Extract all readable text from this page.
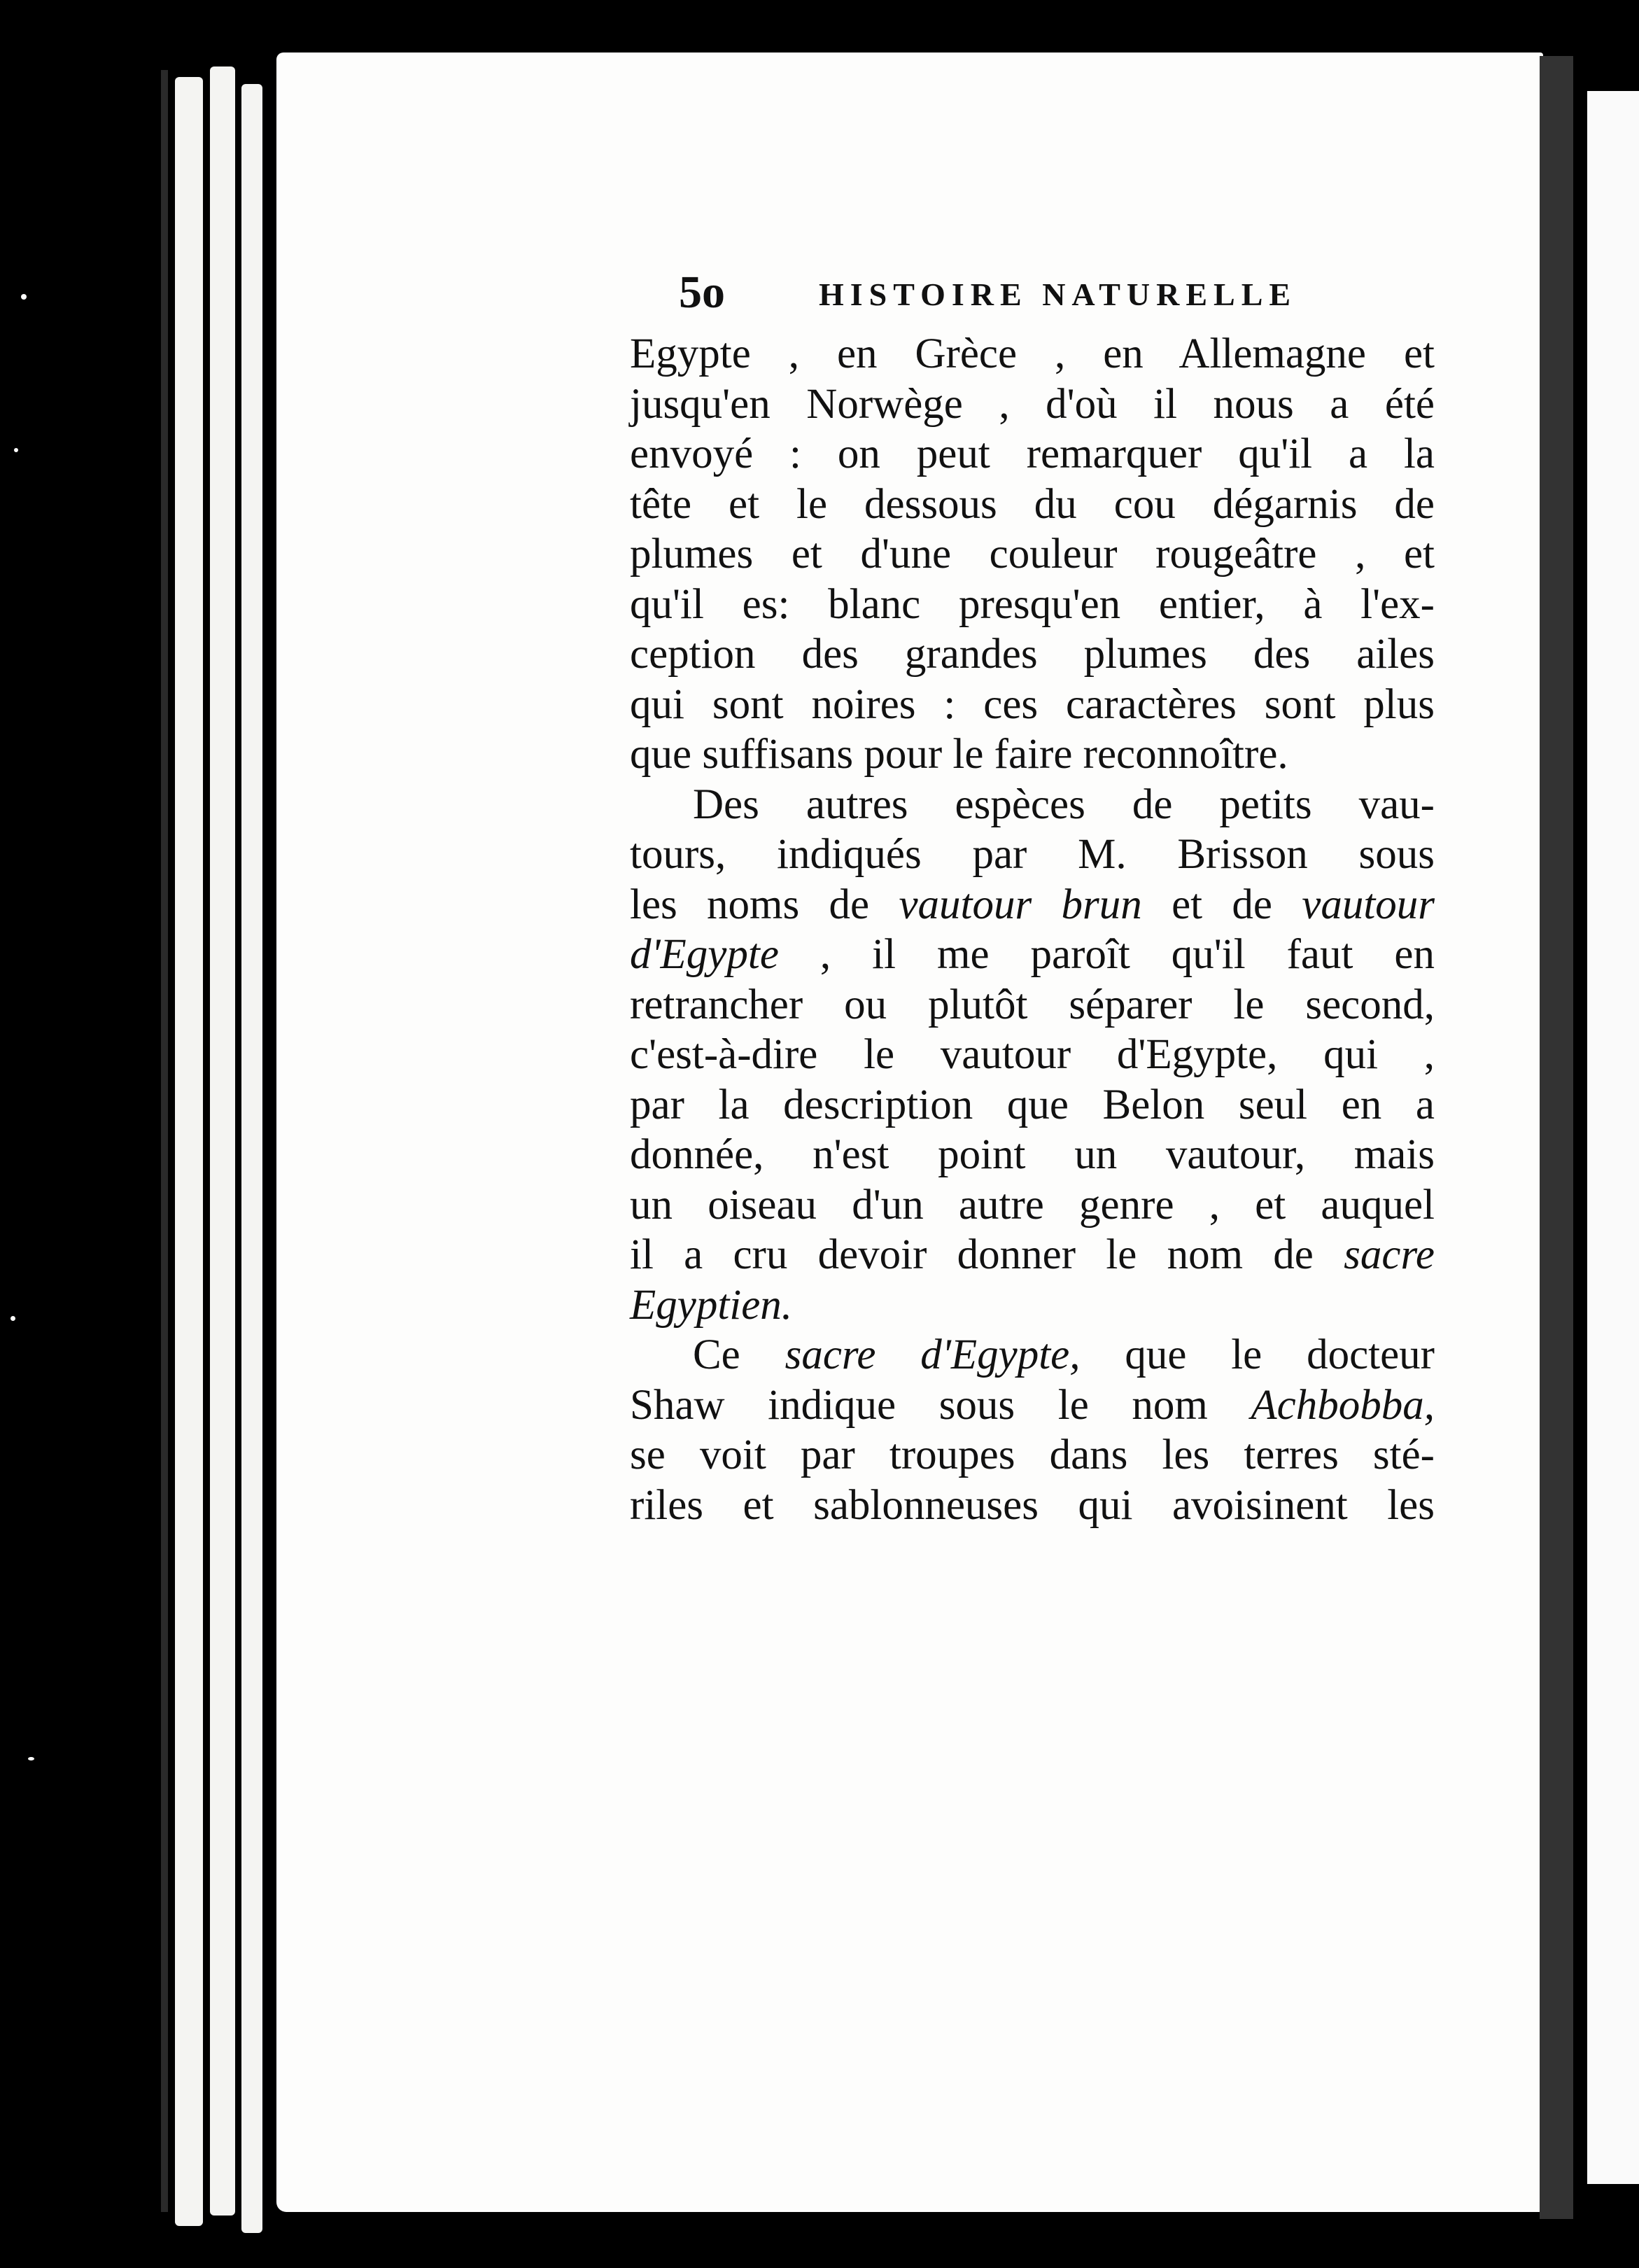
5o	HISTOIRE NATURELLE
Egypte , en Grèce , en Allemagne et
jusqu'en Norwège , d'où il nous a été
envoyé : on peut remarquer qu'il a la
tête et le dessous du cou dégarnis de
plumes et d'une couleur rougeâtre , et
qu'il es: blanc presqu'en entier, à l'ex-
ception des grandes plumes des ailes
qui sont noires : ces caractères sont plus
que suffisans pour le faire reconnoître.
Des autres espèces de petits vau-
tours, indiqués par M. Brisson sous
les noms de vautour brun et de vautour
d'Egypte , il me paroît qu'il faut en
retrancher ou plutôt séparer le second,
c'est-à-dire le vautour d'Egypte, qui ,
par la description que Belon seul en a
donnée, n'est point un vautour, mais
un oiseau d'un autre genre , et auquel
il a cru devoir donner le nom de sacre
Egyptien.
Ce sacre d'Egypte, que le docteur
Shaw indique sous le nom Achbobba,
se voit par troupes dans les terres sté-
riles et sablonneuses qui avoisinent les
